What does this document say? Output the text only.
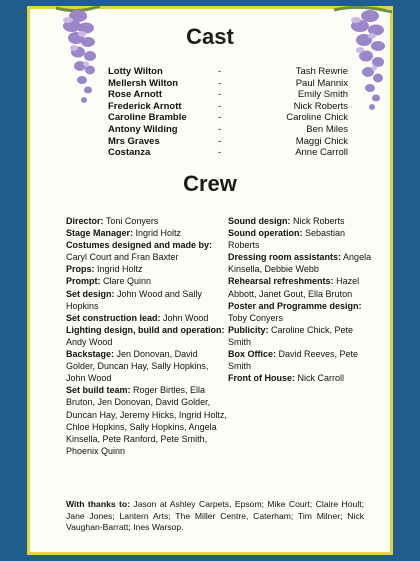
Cast
Lotty Wilton	-	Tash Rewrie
Mellersh Wilton	-	Paul Mannix
Rose Arnott	-	Emily Smith
Frederick Arnott	-	Nick Roberts
Caroline Bramble	-	Caroline Chick
Antony Wilding	-	Ben Miles
Mrs Graves	-	Maggi Chick
Costanza	-	Anne Carroll
Crew
Director: Toni Conyers
Stage Manager: Ingrid Holtz
Costumes designed and made by: Caryl Court and Fran Baxter
Props: Ingrid Holtz
Prompt: Clare Quinn
Set design: John Wood and Sally Hopkins
Set construction lead: John Wood
Lighting design, build and operation: Andy Wood
Backstage: Jen Donovan, David Golder, Duncan Hay, Sally Hopkins, John Wood
Set build team: Roger Birtles, Ella Bruton, Jen Donovan, David Golder, Duncan Hay, Jeremy Hicks, Ingrid Holtz, Chloe Hopkins, Sally Hopkins, Angela Kinsella, Pete Ranford, Pete Smith, Phoenix Quinn
Sound design: Nick Roberts
Sound operation: Sebastian Roberts
Dressing room assistants: Angela Kinsella, Debbie Webb
Rehearsal refreshments: Hazel Abbott, Janet Gout, Ella Bruton
Poster and Programme design: Toby Conyers
Publicity: Caroline Chick, Pete Smith
Box Office: David Reeves, Pete Smith
Front of House: Nick Carroll
With thanks to: Jason at Ashley Carpets, Epsom; Mike Court; Claire Hoult; Jane Jones; Lantern Arts; The Miller Centre, Caterham; Tim Milner; Nick Vaughan-Barratt; Ines Warsop.
